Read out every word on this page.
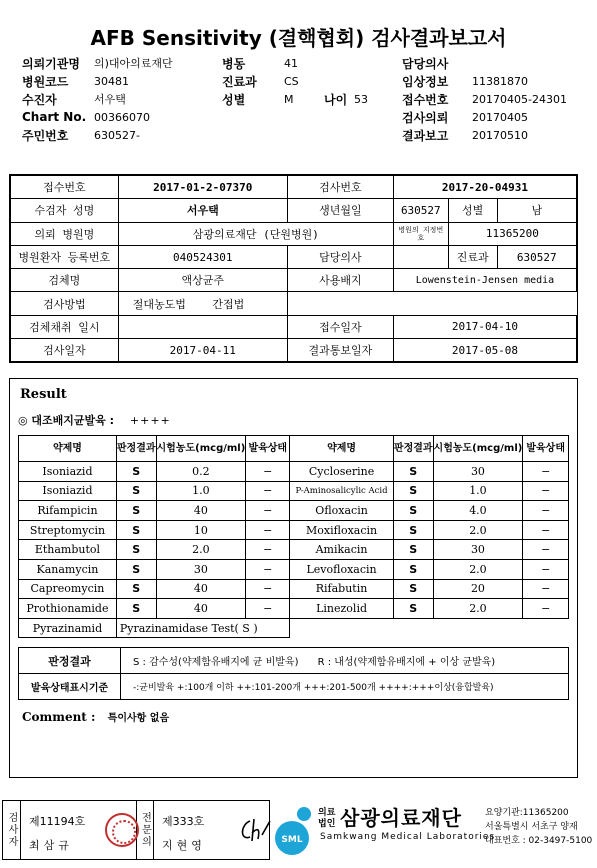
AFB Sensitivity (결핵협회) 검사결과보고서
의뢰기관명 의)대아의료재단	병동	41	담당의사
병원코드 30481	진료과 CS	임상정보 11381870
수진자	서우택	성별	M	나이 53	접수번호 20170405-24301
Chart No. 00366070	검사의뢰 20170405
주민번호 630527-	결과보고 20170510
접수번호	2017-01-2-07370	검사번호	2017-20-04931		
수검자 성명	서우택	생년월일	630527	성별	남
의뢰 병원명	삼광의료재단 (단원병원)		병원의 지정번호	11365200	
병원환자 등록번호	040524301	담당의사		진료과	630527
검체명	액상균주	사용배지	Lowenstein-Jensen media		
검사방법	절대농도법 간접법				
검체채취 일시		접수일자	2017-04-10		
검사일자	2017-04-11	결과통보일자	2017-05-08		
Result
◎ 대조배지균발육 : ++++
약제명	판정결과	시험농도(mcg/ml)	발육상태	약제명	판정결과	시험농도(mcg/ml)	발육상태
Isoniazid	S	0.2	−	Cycloserine	S	30	−
Isoniazid	S	1.0	−	P-Aminosalicylic Acid	S	1.0	−
Rifampicin	S	40	−	Ofloxacin	S	4.0	−
Streptomycin	S	10	−	Moxifloxacin	S	2.0	−
Ethambutol	S	2.0	−	Amikacin	S	30	−
Kanamycin	S	30	−	Levofloxacin	S	2.0	−
Capreomycin	S	40	−	Rifabutin	S	20	−
Prothionamide	S	40	−	Linezolid	S	2.0	−
Pyrazinamid	Pyrazinamidase Test( S )						
판정결과	S : 감수성(약제함유배지에 균 비발육) R : 내성(약제함유배지에 + 이상 균발육)
발육상태표시기준	-:균비발육 +:100개 이하 ++:101-200개 +++:201-500개 ++++:+++이상(융합발육)
Comment : 특이사항 없음
검사자	제11194호
최삼규	전문의	제333호
지현영	SML
의료
법인 삼광의료재단
Samkwang Medical Laboratories
요양기관:11365200
서울특별시 서초구 양재
대표번호 : 02-3497-5100
